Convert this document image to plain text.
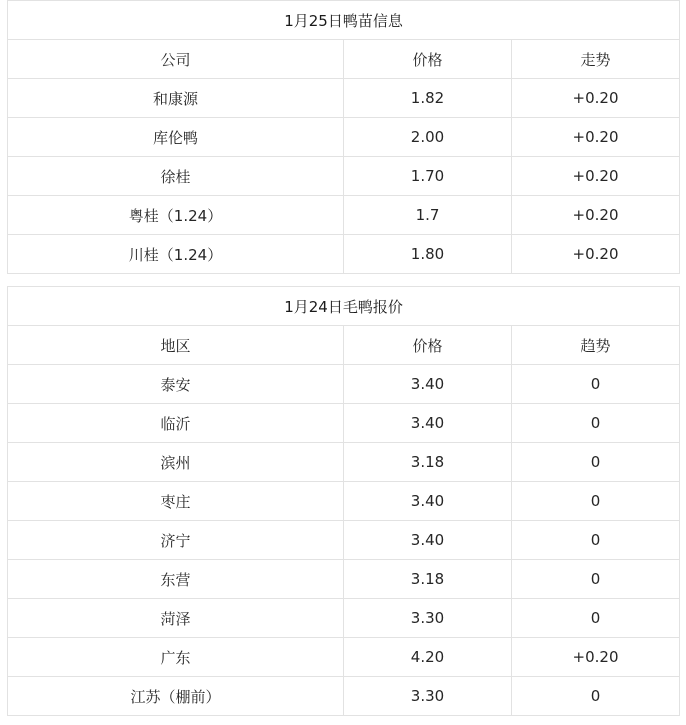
1月25日鸭苗信息		
公司	价格	走势
和康源	1.82	+0.20
库伦鸭	2.00	+0.20
徐桂	1.70	+0.20
粤桂（1.24）	1.7	+0.20
川桂（1.24）	1.80	+0.20
1月24日毛鸭报价		
地区	价格	趋势
泰安	3.40	0
临沂	3.40	0
滨州	3.18	0
枣庄	3.40	0
济宁	3.40	0
东营	3.18	0
菏泽	3.30	0
广东	4.20	+0.20
江苏（棚前）	3.30	0
